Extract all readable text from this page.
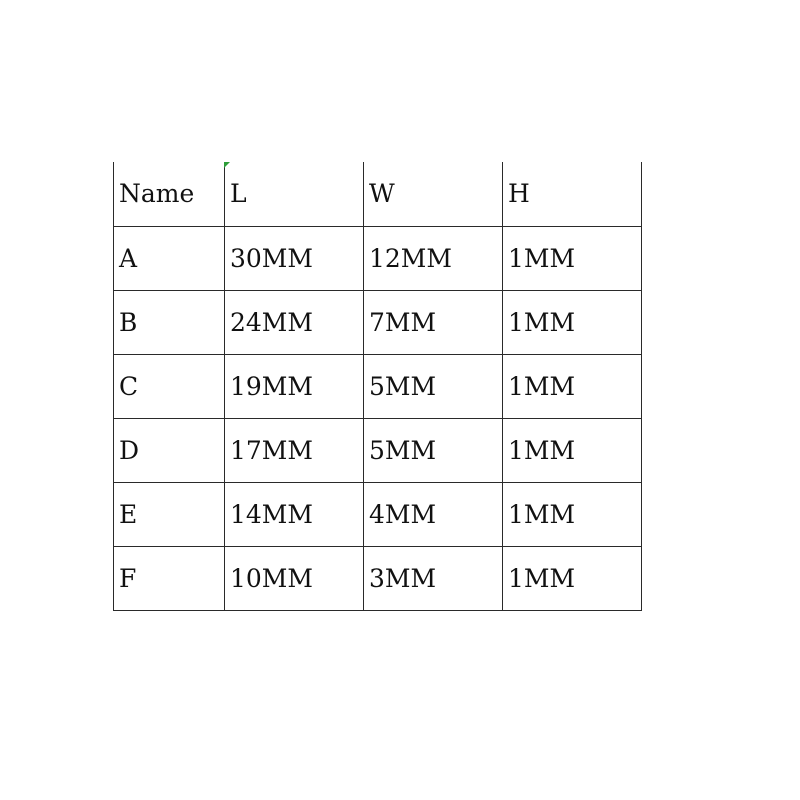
Name	L	W	H
A	30MM	12MM	1MM
B	24MM	7MM	1MM
C	19MM	5MM	1MM
D	17MM	5MM	1MM
E	14MM	4MM	1MM
F	10MM	3MM	1MM
